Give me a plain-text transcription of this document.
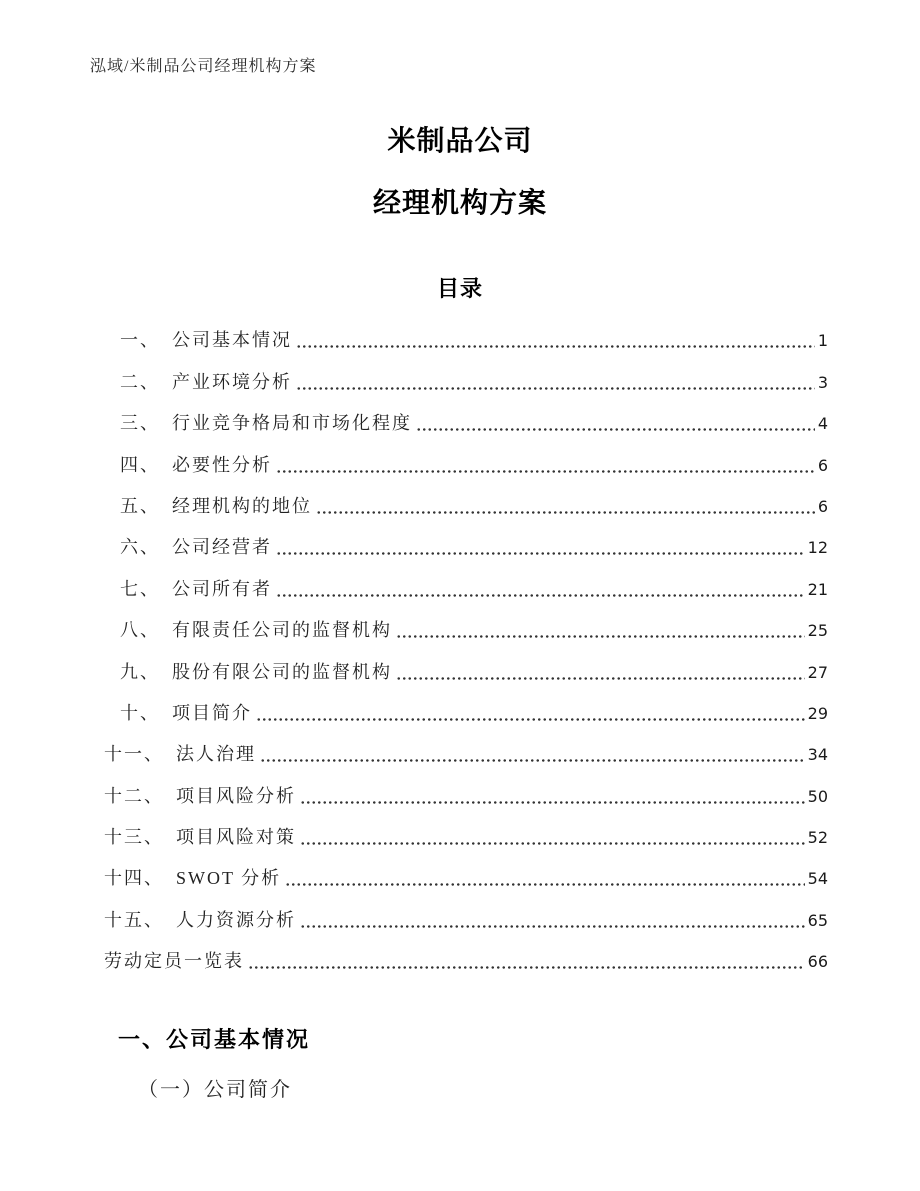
泓域/米制品公司经理机构方案
米制品公司
经理机构方案
目录
一、 公司基本情况	1
二、 产业环境分析	3
三、 行业竞争格局和市场化程度	4
四、 必要性分析	6
五、 经理机构的地位	6
六、 公司经营者	12
七、 公司所有者	21
八、 有限责任公司的监督机构	25
九、 股份有限公司的监督机构	27
十、 项目简介	29
十一、 法人治理	34
十二、 项目风险分析	50
十三、 项目风险对策	52
十四、 SWOT 分析	54
十五、 人力资源分析	65
劳动定员一览表	66
一、公司基本情况
（一）公司简介
